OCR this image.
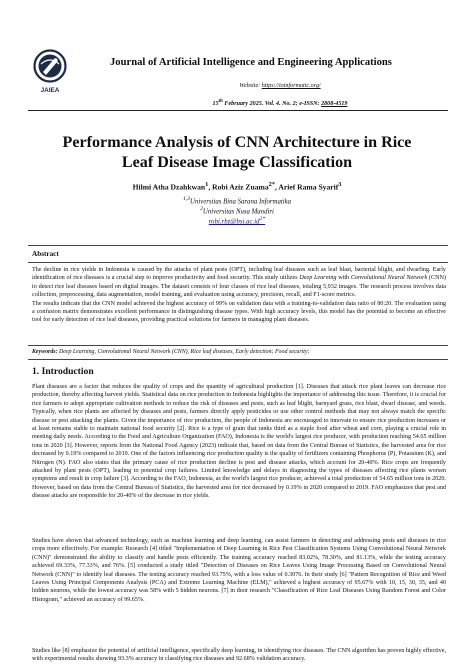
JAIEA
Journal of Artificial Intelligence and Engineering Applications
Website: https://ioinformatic.org/
15th February 2025. Vol. 4. No. 2; e-ISSN: 2808-4519
Performance Analysis of CNN Architecture in Rice Leaf Disease Image Classification
Hilmi Atha Dzahkwan$^1$, Robi Aziz Zuama$^{2*}$, Arief Rama Syarif$^3$
$^{1,3}$Universitas Bina Sarana Informatika
$^2$Universitas Nusa Mandiri
$robi.rbz@bsi.ac.id^{2*}$
Abstract

The decline in rice yields in Indonesia is caused by the attacks of plant pests (OPT), including leaf diseases such as leaf blast, bacterial blight, and dwarfing. Early identification of rice diseases is a crucial step to improve productivity and food security. This study utilizes Deep Learning with Convolutional Neural Network (CNN) to detect rice leaf diseases based on digital images. The dataset consists of four classes of rice leaf diseases, totaling 5,932 images. The research process involves data collection, preprocessing, data augmentation, model training, and evaluation using accuracy, precision, recall, and F1-score metrics.

The results indicate that the CNN model achieved the highest accuracy of 99% on validation data with a training-to-validation data ratio of 80:20. The evaluation using a confusion matrix demonstrates excellent performance in distinguishing disease types. With high accuracy levels, this model has the potential to become an effective tool for early detection of rice leaf diseases, providing practical solutions for farmers in managing plant diseases.

Keywords: Deep Learning, Convolutional Neural Network (CNN), Rice leaf diseases, Early detection; Food security;
1. Introduction

Plant diseases are a factor that reduces the quality of crops and the quantity of agricultural production [1]. Diseases that attack rice plant leaves can decrease rice production, thereby affecting harvest yields. Statistical data on rice production in Indonesia highlights the importance of addressing this issue. Therefore, it is crucial for rice farmers to adopt appropriate cultivation methods to reduce the risk of diseases and pests, such as leaf blight, barnyard grass, rice blast, dwarf disease, and weeds. Typically, when rice plants are affected by diseases and pests, farmers directly apply pesticides or use other control methods that may not always match the specific disease or pest attacking the plants. Given the importance of rice production, the people of Indonesia are encouraged to innovate to ensure rice production increases or at least remains stable to maintain national food security [2]. Rice is a type of grain that ranks third as a staple food after wheat and corn, playing a crucial role in meeting daily needs. According to the Food and Agriculture Organization (FAO), Indonesia is the world's largest rice producer, with production reaching 54.65 million tons in 2020 [3]. However, reports from the National Food Agency (2023) indicate that, based on data from the Central Bureau of Statistics, the harvested area for rice decreased by 0.19% compared to 2019. One of the factors influencing rice production quality is the quality of fertilizers containing Phosphorus (P), Potassium (K), and Nitrogen (N). FAO also states that the primary cause of rice production decline is pest and disease attacks, which account for 20-40%. Rice crops are frequently attacked by plant pests (OPT), leading to potential crop failures. Limited knowledge and delays in diagnosing the types of diseases affecting rice plants worsen symptoms and result in crop failure [3]. According to the FAO, Indonesia, as the world's largest rice producer, achieved a total production of 54.65 million tons in 2020. However, based on data from the Central Bureau of Statistics, the harvested area for rice decreased by 0.19% in 2020 compared to 2019. FAO emphasizes that pest and disease attacks are responsible for 20-40% of the decrease in rice yields.

Studies have shown that advanced technology, such as machine learning and deep learning, can assist farmers in detecting and addressing pests and diseases in rice crops more effectively. For example: Research [4] titled "Implementation of Deep Learning in Rice Pest Classification Systems Using Convolutional Neural Network (CNN)" demonstrated the ability to classify and handle pests efficiently. The training accuracy reached 83.02%, 78.30%, and 81.13%, while the testing accuracy achieved 69.33%, 77.33%, and 76%. [5] conducted a study titled "Detection of Diseases on Rice Leaves Using Image Processing Based on Convolutional Neural Network (CNN)" to identify leaf diseases. The testing accuracy reached 93.75%, with a loss value of 0.3076. In their study [6] "Pattern Recognition of Rice and Weed Leaves Using Principal Components Analysis (PCA) and Extreme Learning Machine (ELM)," achieved a highest accuracy of 95.67% with 10, 15, 30, 35, and 40 hidden neurons, while the lowest accuracy was 58% with 5 hidden neurons. [7] in their research "Classification of Rice Leaf Diseases Using Random Forest and Color Histogram," achieved an accuracy of 99.65%.

Studies like [8] emphasize the potential of artificial intelligence, specifically deep learning, in identifying rice diseases. The CNN algorithm has proven highly effective, with experimental results showing 93.3% accuracy in classifying rice diseases and 92.68% validation accuracy.
